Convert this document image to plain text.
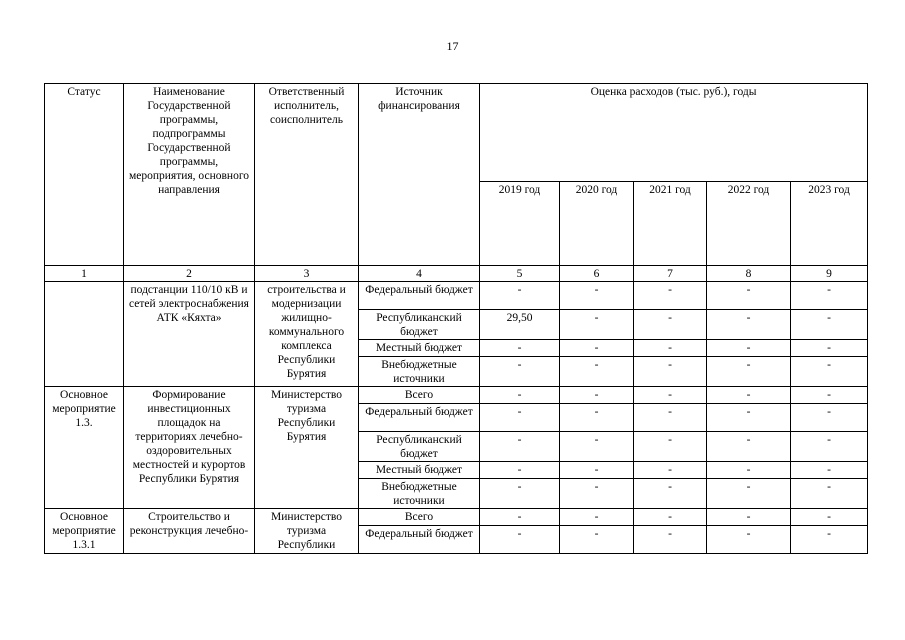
17
Статус	Наименование Государственной программы, подпрограммы Государственной программы, мероприятия, основного направления	Ответственный исполнитель, соисполнитель	Источник финансирования	Оценка расходов (тыс. руб.), годы				
				2019 год	2020 год	2021 год	2022 год	2023 год
1	2	3	4	5	6	7	8	9
	подстанции 110/10 кВ и сетей электроснабжения АТК «Кяхта»	строительства и модернизации жилищно-коммунального комплекса Республики Бурятия	Федеральный бюджет	-	-	-	-	-
			Республиканский бюджет	29,50	-	-	-	-
			Местный бюджет	-	-	-	-	-
			Внебюджетные источники	-	-	-	-	-
Основное мероприятие 1.3.	Формирование инвестиционных площадок на территориях лечебно-оздоровительных местностей и курортов Республики Бурятия	Министерство туризма Республики Бурятия	Всего	-	-	-	-	-
			Федеральный бюджет	-	-	-	-	-
			Республиканский бюджет	-	-	-	-	-
			Местный бюджет	-	-	-	-	-
			Внебюджетные источники	-	-	-	-	-
Основное мероприятие 1.3.1	Строительство и реконструкция лечебно-	Министерство туризма Республики	Всего	-	-	-	-	-
			Федеральный бюджет	-	-	-	-	-
